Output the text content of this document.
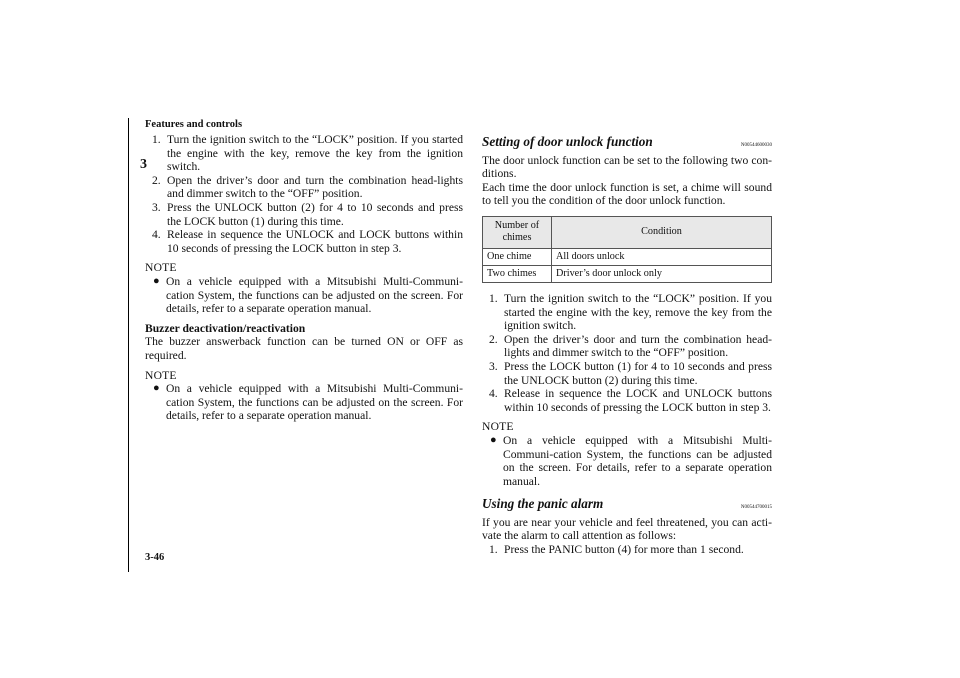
Features and controls
3
3-46
1. Turn the ignition switch to the “LOCK” position. If you started the engine with the key, remove the key from the ignition switch.
2. Open the driver’s door and turn the combination head-lights and dimmer switch to the “OFF” position.
3. Press the UNLOCK button (2) for 4 to 10 seconds and press the LOCK button (1) during this time.
4. Release in sequence the UNLOCK and LOCK buttons within 10 seconds of pressing the LOCK button in step 3.
NOTE
● On a vehicle equipped with a Mitsubishi Multi-Communi-cation System, the functions can be adjusted on the screen. For details, refer to a separate operation manual.
Buzzer deactivation/reactivation
The buzzer answerback function can be turned ON or OFF as required.
NOTE
● On a vehicle equipped with a Mitsubishi Multi-Communi-cation System, the functions can be adjusted on the screen. For details, refer to a separate operation manual.
Setting of door unlock function	N00544600030
The door unlock function can be set to the following two con-ditions.
Each time the door unlock function is set, a chime will sound to tell you the condition of the door unlock function.
Number of chimes	Condition
One chime	All doors unlock
Two chimes	Driver’s door unlock only
1. Turn the ignition switch to the “LOCK” position. If you started the engine with the key, remove the key from the ignition switch.
2. Open the driver’s door and turn the combination head-lights and dimmer switch to the “OFF” position.
3. Press the LOCK button (1) for 4 to 10 seconds and press the UNLOCK button (2) during this time.
4. Release in sequence the LOCK and UNLOCK buttons within 10 seconds of pressing the LOCK button in step 3.
NOTE
● On a vehicle equipped with a Mitsubishi Multi-Communi-cation System, the functions can be adjusted on the screen. For details, refer to a separate operation manual.
Using the panic alarm	N00544700015
If you are near your vehicle and feel threatened, you can acti-vate the alarm to call attention as follows:
1. Press the PANIC button (4) for more than 1 second.
